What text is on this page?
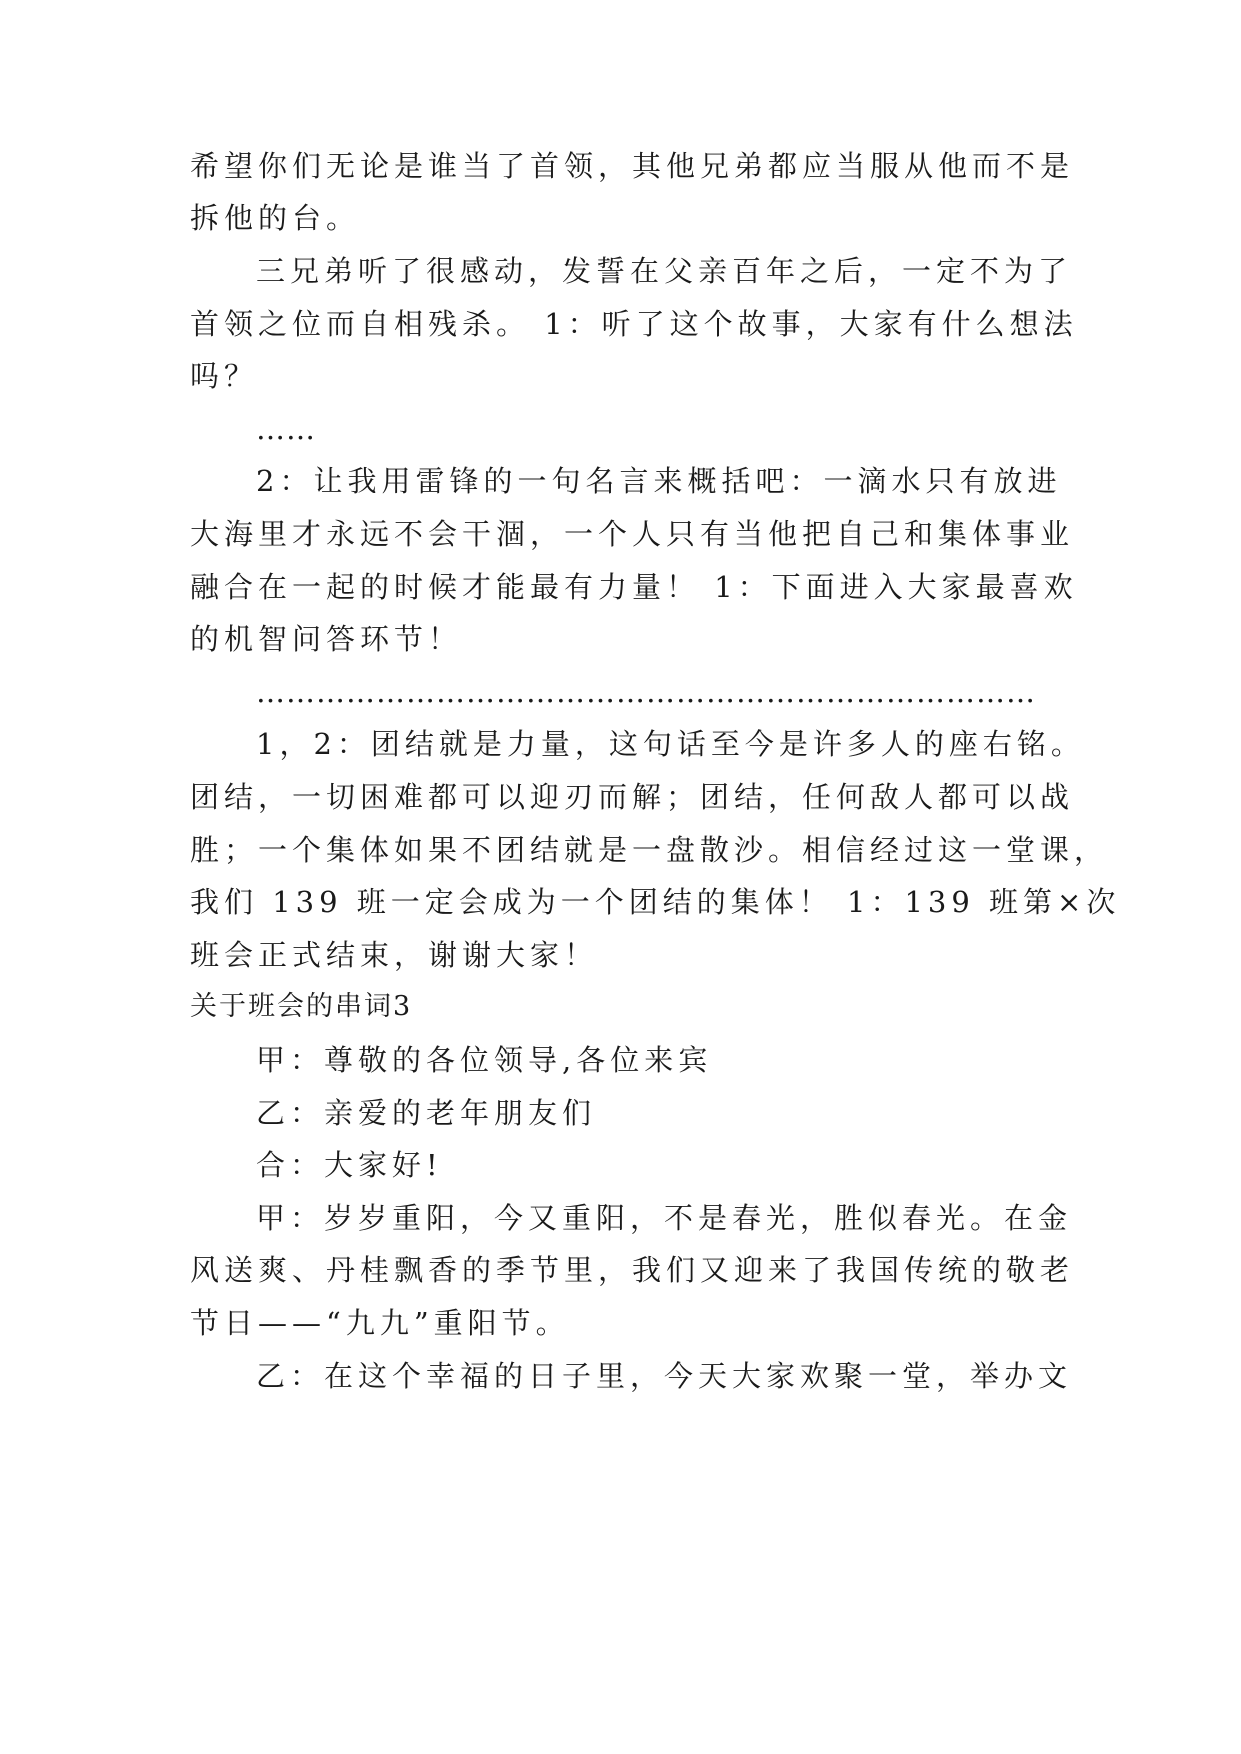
希望你们无论是谁当了首领，其他兄弟都应当服从他而不是
拆他的台。
三兄弟听了很感动，发誓在父亲百年之后，一定不为了
首领之位而自相残杀。 1：听了这个故事，大家有什么想法
吗？
……
2：让我用雷锋的一句名言来概括吧：一滴水只有放进
大海里才永远不会干涸，一个人只有当他把自己和集体事业
融合在一起的时候才能最有力量！ 1：下面进入大家最喜欢
的机智问答环节！
……………………………………………………………………
1，2：团结就是力量，这句话至今是许多人的座右铭。
团结，一切困难都可以迎刃而解；团结，任何敌人都可以战
胜；一个集体如果不团结就是一盘散沙。相信经过这一堂课，
我们 139 班一定会成为一个团结的集体！ 1：139 班第×次
班会正式结束，谢谢大家！
关于班会的串词3
甲：尊敬的各位领导,各位来宾
乙：亲爱的老年朋友们
合：大家好!
甲：岁岁重阳，今又重阳，不是春光，胜似春光。在金
风送爽、丹桂飘香的季节里，我们又迎来了我国传统的敬老
节日——“九九”重阳节。
乙：在这个幸福的日子里，今天大家欢聚一堂，举办文
